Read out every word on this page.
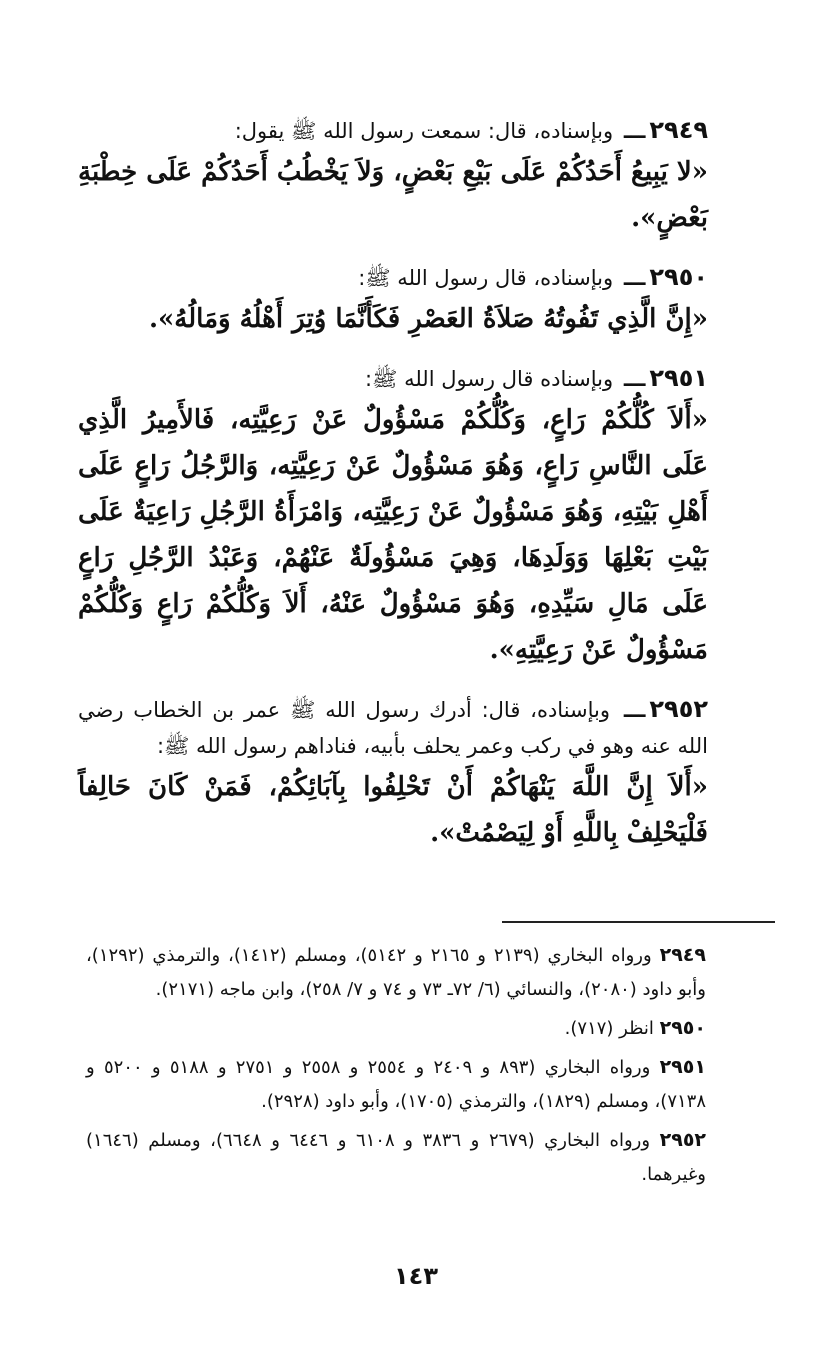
٢٩٤٩ـــ وبإسناده، قال: سمعت رسول الله ﷺ يقول:
«لا يَبِيعُ أَحَدُكُمْ عَلَى بَيْعِ بَعْضٍ، وَلاَ يَخْطُبُ أَحَدُكُمْ عَلَى خِطْبَةِ بَعْضٍ».
٢٩٥٠ـــ وبإسناده، قال رسول الله ﷺ:
«إِنَّ الَّذِي تَفُوتُهُ صَلاَةُ العَصْرِ فَكَأَنَّمَا وُتِرَ أَهْلُهُ وَمَالُهُ».
٢٩٥١ـــ وبإسناده قال رسول الله ﷺ:
«أَلاَ كُلُّكُمْ رَاعٍ، وَكُلُّكُمْ مَسْؤُولٌ عَنْ رَعِيَّتِه، فَالأَمِيرُ الَّذِي عَلَى النَّاسِ رَاعٍ، وَهُوَ مَسْؤُولٌ عَنْ رَعِيَّتِه، وَالرَّجُلُ رَاعٍ عَلَى أَهْلِ بَيْتِهِ، وَهُوَ مَسْؤُولٌ عَنْ رَعِيَّتِه، وَامْرَأَةُ الرَّجُلِ رَاعِيَةٌ عَلَى بَيْتِ بَعْلِهَا وَوَلَدِهَا، وَهِيَ مَسْؤُولَةٌ عَنْهُمْ، وَعَبْدُ الرَّجُلِ رَاعٍ عَلَى مَالِ سَيِّدِهِ، وَهُوَ مَسْؤُولٌ عَنْهُ، أَلاَ وَكُلُّكُمْ رَاعٍ وَكُلُّكُمْ مَسْؤُولٌ عَنْ رَعِيَّتِهِ».
٢٩٥٢ـــ وبإسناده، قال: أدرك رسول الله ﷺ عمر بن الخطاب رضي الله عنه وهو في ركب وعمر يحلف بأبيه، فناداهم رسول الله ﷺ:
«أَلاَ إِنَّ اللَّهَ يَنْهَاكُمْ أَنْ تَحْلِفُوا بِآبَائِكُمْ، فَمَنْ كَانَ حَالِفاً فَلْيَحْلِفْ بِاللَّهِ أَوْ لِيَصْمُتْ».
٢٩٤٩ ورواه البخاري (٢١٣٩ و ٢١٦٥ و ٥١٤٢)، ومسلم (١٤١٢)، والترمذي (١٢٩٢)، وأبو داود (٢٠٨٠)، والنسائي (٦/ ٧٢ـ ٧٣ و ٧٤ و ٧/ ٢٥٨)، وابن ماجه (٢١٧١).
٢٩٥٠ انظر (٧١٧).
٢٩٥١ ورواه البخاري (٨٩٣ و ٢٤٠٩ و ٢٥٥٤ و ٢٥٥٨ و ٢٧٥١ و ٥١٨٨ و ٥٢٠٠ و ٧١٣٨)، ومسلم (١٨٢٩)، والترمذي (١٧٠٥)، وأبو داود (٢٩٢٨).
٢٩٥٢ ورواه البخاري (٢٦٧٩ و ٣٨٣٦ و ٦١٠٨ و ٦٤٤٦ و ٦٦٤٨)، ومسلم (١٦٤٦) وغيرهما.
١٤٣
